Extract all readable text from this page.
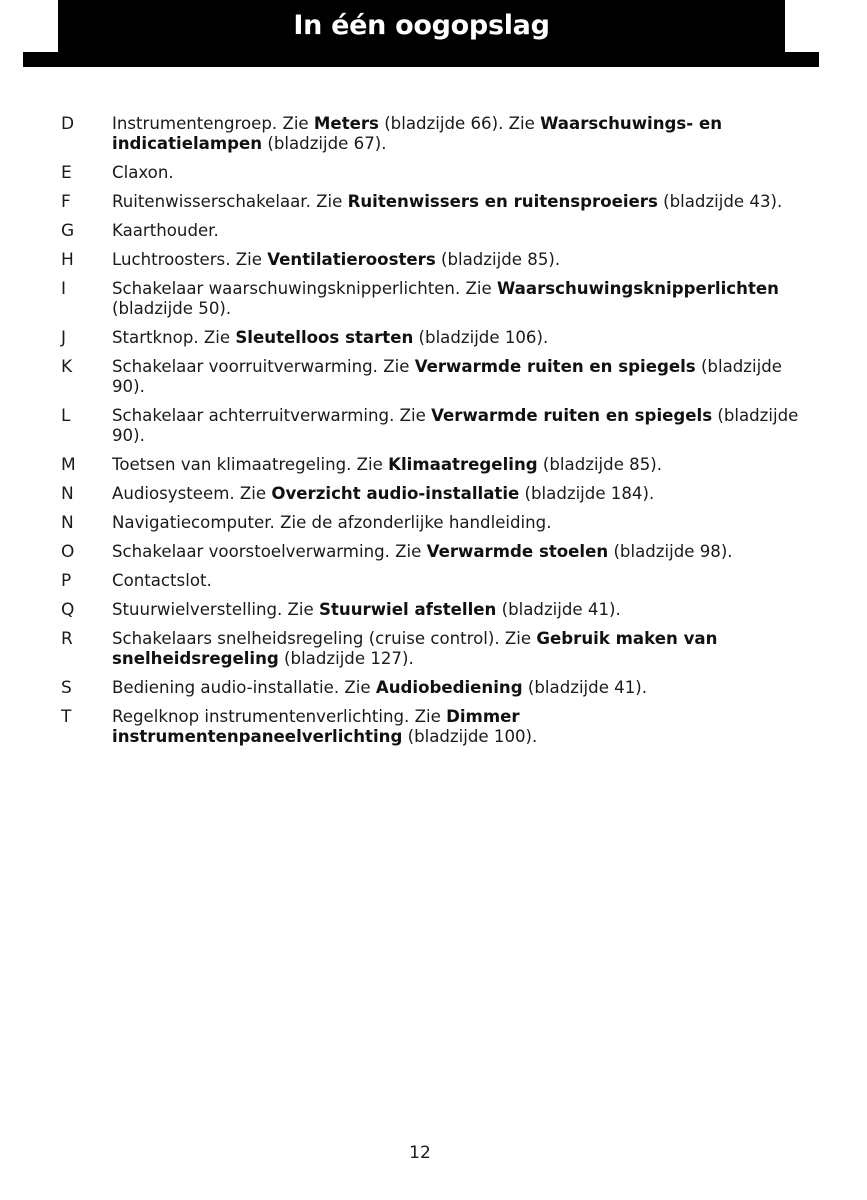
In één oogopslag
D	Instrumentengroep. Zie Meters (bladzijde 66). Zie Waarschuwings- en indicatielampen (bladzijde 67).
E	Claxon.
F	Ruitenwisserschakelaar. Zie Ruitenwissers en ruitensproeiers (bladzijde 43).
G	Kaarthouder.
H	Luchtroosters. Zie Ventilatieroosters (bladzijde 85).
I	Schakelaar waarschuwingsknipperlichten. Zie Waarschuwingsknipperlichten (bladzijde 50).
J	Startknop. Zie Sleutelloos starten (bladzijde 106).
K	Schakelaar voorruitverwarming. Zie Verwarmde ruiten en spiegels (bladzijde 90).
L	Schakelaar achterruitverwarming. Zie Verwarmde ruiten en spiegels (bladzijde 90).
M	Toetsen van klimaatregeling. Zie Klimaatregeling (bladzijde 85).
N	Audiosysteem. Zie Overzicht audio-installatie (bladzijde 184).
N	Navigatiecomputer. Zie de afzonderlijke handleiding.
O	Schakelaar voorstoelverwarming. Zie Verwarmde stoelen (bladzijde 98).
P	Contactslot.
Q	Stuurwielverstelling. Zie Stuurwiel afstellen (bladzijde 41).
R	Schakelaars snelheidsregeling (cruise control). Zie Gebruik maken van snelheidsregeling (bladzijde 127).
S	Bediening audio-installatie. Zie Audiobediening (bladzijde 41).
T	Regelknop instrumentenverlichting. Zie Dimmer instrumentenpaneelverlichting (bladzijde 100).
12
